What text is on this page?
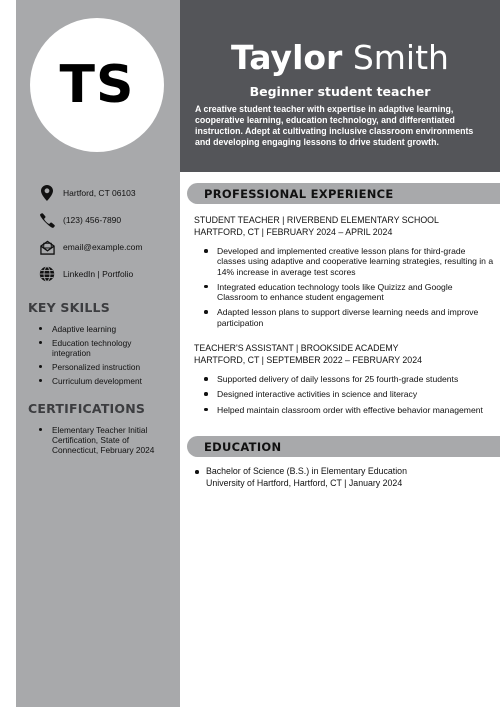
TS	Taylor Smith
Beginner student teacher
A creative student teacher with expertise in adaptive learning, cooperative learning, education technology, and differentiated instruction. Adept at cultivating inclusive classroom environments and developing engaging lessons to drive student growth.
Hartford, CT 06103
(123) 456-7890
email@example.com
LinkedIn | Portfolio
KEY SKILLS
Adaptive learning
Education technology integration
Personalized instruction
Curriculum development
CERTIFICATIONS
Elementary Teacher Initial Certification, State of Connecticut, February 2024
PROFESSIONAL EXPERIENCE
STUDENT TEACHER | RIVERBEND ELEMENTARY SCHOOL
HARTFORD, CT | FEBRUARY 2024 – APRIL 2024
Developed and implemented creative lesson plans for third-grade classes using adaptive and cooperative learning strategies, resulting in a 14% increase in average test scores
Integrated education technology tools like Quizizz and Google Classroom to enhance student engagement
Adapted lesson plans to support diverse learning needs and improve participation
TEACHER'S ASSISTANT | BROOKSIDE ACADEMY
HARTFORD, CT | SEPTEMBER 2022 – FEBRUARY 2024
Supported delivery of daily lessons for 25 fourth-grade students
Designed interactive activities in science and literacy
Helped maintain classroom order with effective behavior management
EDUCATION
Bachelor of Science (B.S.) in Elementary Education
University of Hartford, Hartford, CT | January 2024
